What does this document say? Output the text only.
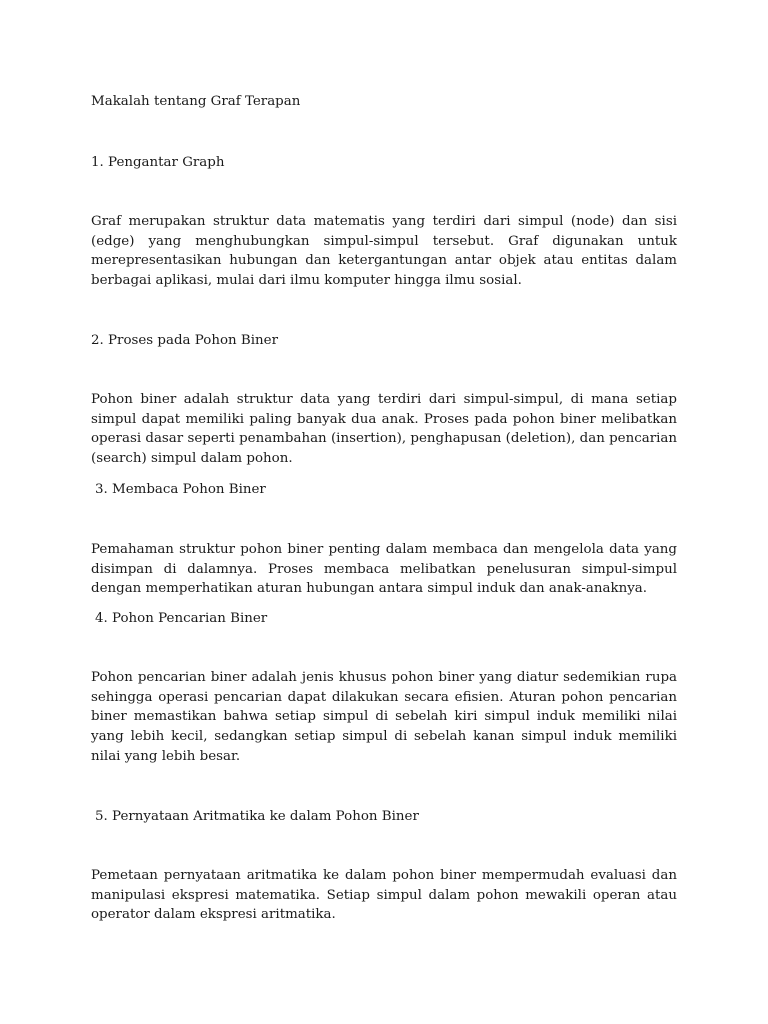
Makalah tentang Graf Terapan
1. Pengantar Graph

Graf merupakan struktur data matematis yang terdiri dari simpul (node) dan sisi (edge) yang menghubungkan simpul-simpul tersebut. Graf digunakan untuk merepresentasikan hubungan dan ketergantungan antar objek atau entitas dalam berbagai aplikasi, mulai dari ilmu komputer hingga ilmu sosial.

2. Proses pada Pohon Biner

Pohon biner adalah struktur data yang terdiri dari simpul-simpul, di mana setiap simpul dapat memiliki paling banyak dua anak. Proses pada pohon biner melibatkan operasi dasar seperti penambahan (insertion), penghapusan (deletion), dan pencarian (search) simpul dalam pohon.

3. Membaca Pohon Biner

Pemahaman struktur pohon biner penting dalam membaca dan mengelola data yang disimpan di dalamnya. Proses membaca melibatkan penelusuran simpul-simpul dengan memperhatikan aturan hubungan antara simpul induk dan anak-anaknya.

4. Pohon Pencarian Biner

Pohon pencarian biner adalah jenis khusus pohon biner yang diatur sedemikian rupa sehingga operasi pencarian dapat dilakukan secara efisien. Aturan pohon pencarian biner memastikan bahwa setiap simpul di sebelah kiri simpul induk memiliki nilai yang lebih kecil, sedangkan setiap simpul di sebelah kanan simpul induk memiliki nilai yang lebih besar.

5. Pernyataan Aritmatika ke dalam Pohon Biner

Pemetaan pernyataan aritmatika ke dalam pohon biner mempermudah evaluasi dan manipulasi ekspresi matematika. Setiap simpul dalam pohon mewakili operan atau operator dalam ekspresi aritmatika.
